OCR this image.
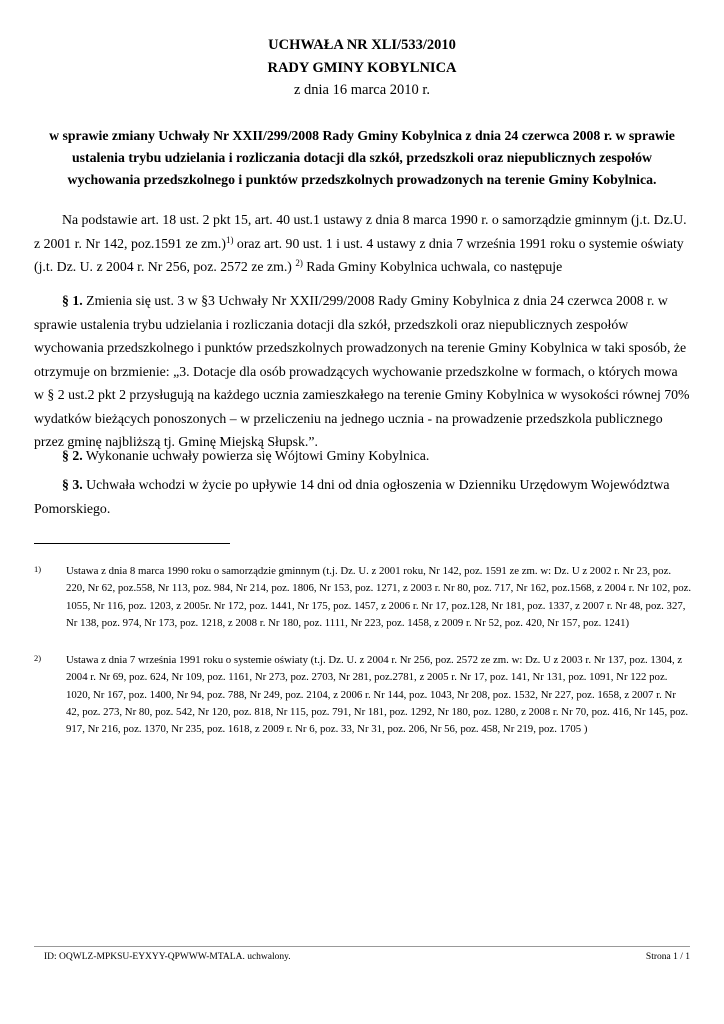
UCHWAŁA NR XLI/533/2010
RADY GMINY KOBYLNICA
z dnia 16 marca 2010 r.
w sprawie zmiany Uchwały Nr XXII/299/2008 Rady Gminy Kobylnica z dnia 24 czerwca 2008 r. w sprawie ustalenia trybu udzielania i rozliczania dotacji dla szkół, przedszkoli oraz niepublicznych zespołów wychowania przedszkolnego i punktów przedszkolnych prowadzonych na terenie Gminy Kobylnica.
Na podstawie art. 18 ust. 2 pkt 15, art. 40 ust.1 ustawy z dnia 8 marca 1990 r. o samorządzie gminnym (j.t. Dz.U. z 2001 r. Nr 142, poz.1591 ze zm.)$^{1)}$ oraz art. 90 ust. 1 i ust. 4 ustawy z dnia 7 września 1991 roku o systemie oświaty (j.t. Dz. U. z 2004 r. Nr 256, poz. 2572 ze zm.) $^{2)}$ Rada Gminy Kobylnica uchwala, co następuje
§ 1. Zmienia się ust. 3 w §3 Uchwały Nr XXII/299/2008 Rady Gminy Kobylnica z dnia 24 czerwca 2008 r. w sprawie ustalenia trybu udzielania i rozliczania dotacji dla szkół, przedszkoli oraz niepublicznych zespołów wychowania przedszkolnego i punktów przedszkolnych prowadzonych na terenie Gminy Kobylnica w taki sposób, że otrzymuje on brzmienie: „3. Dotacje dla osób prowadzących wychowanie przedszkolne w formach, o których mowa w § 2 ust.2 pkt 2 przysługują na każdego ucznia zamieszkałego na terenie Gminy Kobylnica w wysokości równej 70% wydatków bieżących ponoszonych – w przeliczeniu na jednego ucznia - na prowadzenie przedszkola publicznego przez gminę najbliższą tj. Gminę Miejską Słupsk.”.
§ 2. Wykonanie uchwały powierza się Wójtowi Gminy Kobylnica.
§ 3. Uchwała wchodzi w życie po upływie 14 dni od dnia ogłoszenia w Dzienniku Urzędowym Województwa Pomorskiego.
1) Ustawa z dnia 8 marca 1990 roku o samorządzie gminnym (t.j. Dz. U. z 2001 roku, Nr 142, poz. 1591 ze zm. w: Dz. U z 2002 r. Nr 23, poz. 220, Nr 62, poz.558, Nr 113, poz. 984, Nr 214, poz. 1806, Nr 153, poz. 1271, z 2003 r. Nr 80, poz. 717, Nr 162, poz.1568, z 2004 r. Nr 102, poz. 1055, Nr 116, poz. 1203, z 2005r. Nr 172, poz. 1441, Nr 175, poz. 1457, z 2006 r. Nr 17, poz.128, Nr 181, poz. 1337, z 2007 r. Nr 48, poz. 327, Nr 138, poz. 974, Nr 173, poz. 1218, z 2008 r. Nr 180, poz. 1111, Nr 223, poz. 1458, z 2009 r. Nr 52, poz. 420, Nr 157, poz. 1241)
2) Ustawa z dnia 7 września 1991 roku o systemie oświaty (t.j. Dz. U. z 2004 r. Nr 256, poz. 2572 ze zm. w: Dz. U z 2003 r. Nr 137, poz. 1304, z 2004 r. Nr 69, poz. 624, Nr 109, poz. 1161, Nr 273, poz. 2703, Nr 281, poz.2781, z 2005 r. Nr 17, poz. 141, Nr 131, poz. 1091, Nr 122 poz. 1020, Nr 167, poz. 1400, Nr 94, poz. 788, Nr 249, poz. 2104, z 2006 r. Nr 144, poz. 1043, Nr 208, poz. 1532, Nr 227, poz. 1658, z 2007 r. Nr 42, poz. 273, Nr 80, poz. 542, Nr 120, poz. 818, Nr 115, poz. 791, Nr 181, poz. 1292, Nr 180, poz. 1280, z 2008 r. Nr 70, poz. 416, Nr 145, poz. 917, Nr 216, poz. 1370, Nr 235, poz. 1618, z 2009 r. Nr 6, poz. 33, Nr 31, poz. 206, Nr 56, poz. 458, Nr 219, poz. 1705 )
ID: OQWLZ-MPKSU-EYXYY-QPWWW-MTALA. uchwalony.	Strona 1 / 1
